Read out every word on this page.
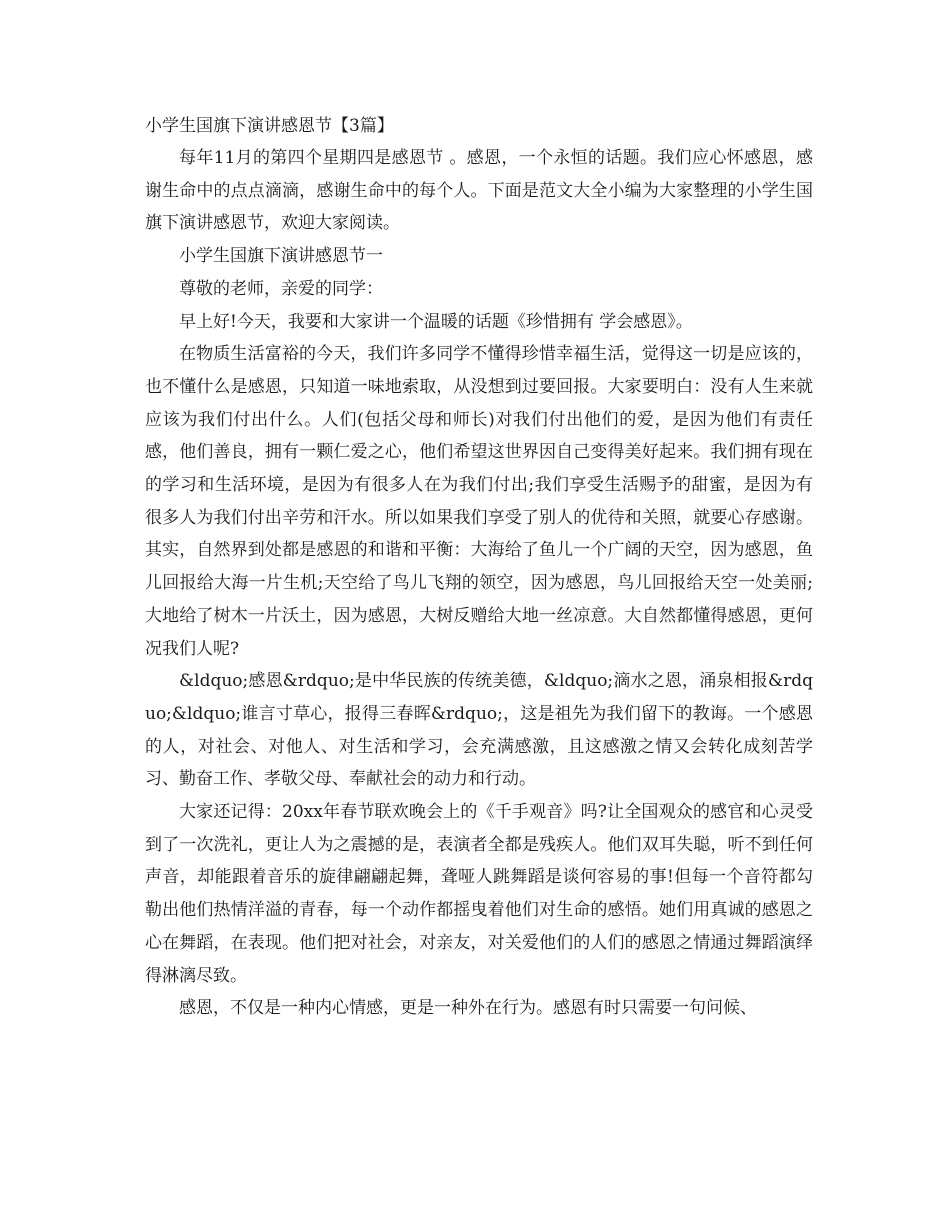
小学生国旗下演讲感恩节【3篇】

每年11月的第四个星期四是感恩节 。感恩，一个永恒的话题。我们应心怀感恩，感谢生命中的点点滴滴，感谢生命中的每个人。下面是范文大全小编为大家整理的小学生国旗下演讲感恩节，欢迎大家阅读。

小学生国旗下演讲感恩节一

尊敬的老师，亲爱的同学：

早上好!今天，我要和大家讲一个温暖的话题《珍惜拥有 学会感恩》。

在物质生活富裕的今天，我们许多同学不懂得珍惜幸福生活，觉得这一切是应该的，也不懂什么是感恩，只知道一味地索取，从没想到过要回报。大家要明白：没有人生来就应该为我们付出什么。人们(包括父母和师长)对我们付出他们的爱，是因为他们有责任感，他们善良，拥有一颗仁爱之心，他们希望这世界因自己变得美好起来。我们拥有现在的学习和生活环境，是因为有很多人在为我们付出;我们享受生活赐予的甜蜜，是因为有很多人为我们付出辛劳和汗水。所以如果我们享受了别人的优待和关照，就要心存感谢。其实，自然界到处都是感恩的和谐和平衡：大海给了鱼儿一个广阔的天空，因为感恩，鱼儿回报给大海一片生机;天空给了鸟儿飞翔的领空，因为感恩，鸟儿回报给天空一处美丽;大地给了树木一片沃土，因为感恩，大树反赠给大地一丝凉意。大自然都懂得感恩，更何况我们人呢?

&ldquo;感恩&rdquo;是中华民族的传统美德，&ldquo;滴水之恩，涌泉相报&rdquo;&ldquo;谁言寸草心，报得三春晖&rdquo;，这是祖先为我们留下的教诲。一个感恩的人，对社会、对他人、对生活和学习，会充满感激，且这感激之情又会转化成刻苦学习、勤奋工作、孝敬父母、奉献社会的动力和行动。

大家还记得：20xx年春节联欢晚会上的《千手观音》吗?让全国观众的感官和心灵受到了一次洗礼，更让人为之震撼的是，表演者全都是残疾人。他们双耳失聪，听不到任何声音，却能跟着音乐的旋律翩翩起舞，聋哑人跳舞蹈是谈何容易的事!但每一个音符都勾勒出他们热情洋溢的青春，每一个动作都摇曳着他们对生命的感悟。她们用真诚的感恩之心在舞蹈，在表现。他们把对社会，对亲友，对关爱他们的人们的感恩之情通过舞蹈演绎得淋漓尽致。

感恩，不仅是一种内心情感，更是一种外在行为。感恩有时只需要一句问候、
